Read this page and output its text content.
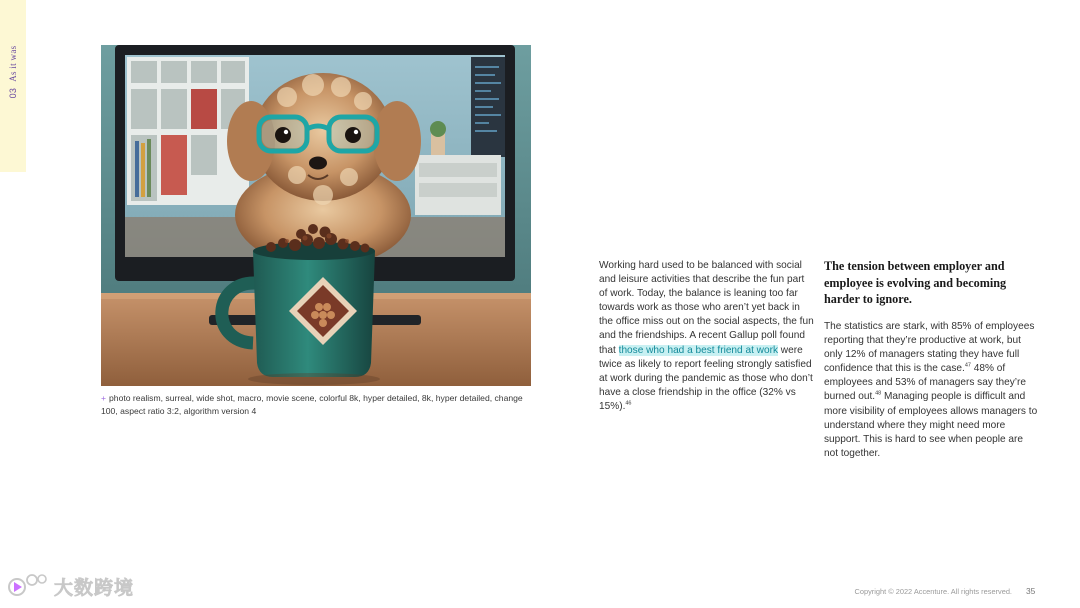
03As it was
+ photo realism, surreal, wide shot, macro, movie scene, colorful 8k, hyper detailed, 8k, hyper detailed, change 100, aspect ratio 3:2, algorithm version 4
Working hard used to be balanced with social and leisure activities that describe the fun part of work. Today, the balance is leaning too far towards work as those who aren’t yet back in the office miss out on the social aspects, the fun and the friendships. A recent Gallup poll found that those who had a best friend at work were twice as likely to report feeling strongly satisfied at work during the pandemic as those who don’t have a close friendship in the office (32% vs 15%).$^{46}$
The tension between employer and employee is evolving and becoming harder to ignore.
The statistics are stark, with 85% of employees reporting that they’re productive at work, but only 12% of managers stating they have full confidence that this is the case.$^{47}$ 48% of employees and 53% of managers say they’re burned out.$^{48}$ Managing people is difficult and more visibility of employees allows managers to understand where they might need more support. This is hard to see when people are not together.
Copyright © 2022 Accenture. All rights reserved. 35
大数跨境
